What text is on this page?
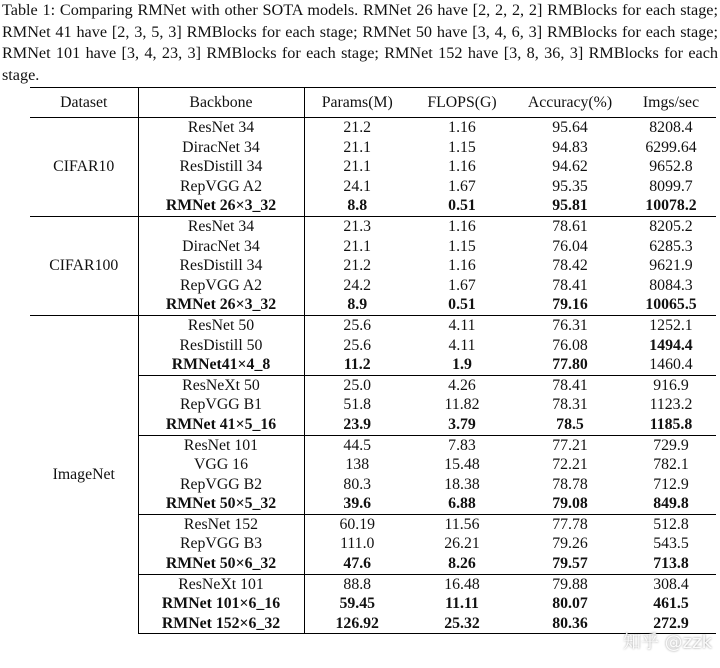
Table 1: Comparing RMNet with other SOTA models. RMNet 26 have [2, 2, 2, 2] RMBlocks for each stage; RMNet 41 have [2, 3, 5, 3] RMBlocks for each stage; RMNet 50 have [3, 4, 6, 3] RMBlocks for each stage; RMNet 101 have [3, 4, 23, 3] RMBlocks for each stage; RMNet 152 have [3, 8, 36, 3] RMBlocks for each stage.
Dataset	Backbone	Params(M)	FLOPS(G)	Accuracy(%)	Imgs/sec
CIFAR10	ResNet 34	21.2	1.16	95.64	8208.4
	DiracNet 34	21.1	1.15	94.83	6299.64
	ResDistill 34	21.1	1.16	94.62	9652.8
	RepVGG A2	24.1	1.67	95.35	8099.7
	RMNet 26×3_32	8.8	0.51	95.81	10078.2
CIFAR100	ResNet 34	21.3	1.16	78.61	8205.2
	DiracNet 34	21.1	1.15	76.04	6285.3
	ResDistill 34	21.2	1.16	78.42	9621.9
	RepVGG A2	24.2	1.67	78.41	8084.3
	RMNet 26×3_32	8.9	0.51	79.16	10065.5
ImageNet	ResNet 50	25.6	4.11	76.31	1252.1
	ResDistill 50	25.6	4.11	76.08	1494.4
	RMNet41×4_8	11.2	1.9	77.80	1460.4
	ResNeXt 50	25.0	4.26	78.41	916.9
	RepVGG B1	51.8	11.82	78.31	1123.2
	RMNet 41×5_16	23.9	3.79	78.5	1185.8
	ResNet 101	44.5	7.83	77.21	729.9
	VGG 16	138	15.48	72.21	782.1
	RepVGG B2	80.3	18.38	78.78	712.9
	RMNet 50×5_32	39.6	6.88	79.08	849.8
	ResNet 152	60.19	11.56	77.78	512.8
	RepVGG B3	111.0	26.21	79.26	543.5
	RMNet 50×6_32	47.6	8.26	79.57	713.8
	ResNeXt 101	88.8	16.48	79.88	308.4
	RMNet 101×6_16	59.45	11.11	80.07	461.5
	RMNet 152×6_32	126.92	25.32	80.36	272.9
知乎 @zzk
